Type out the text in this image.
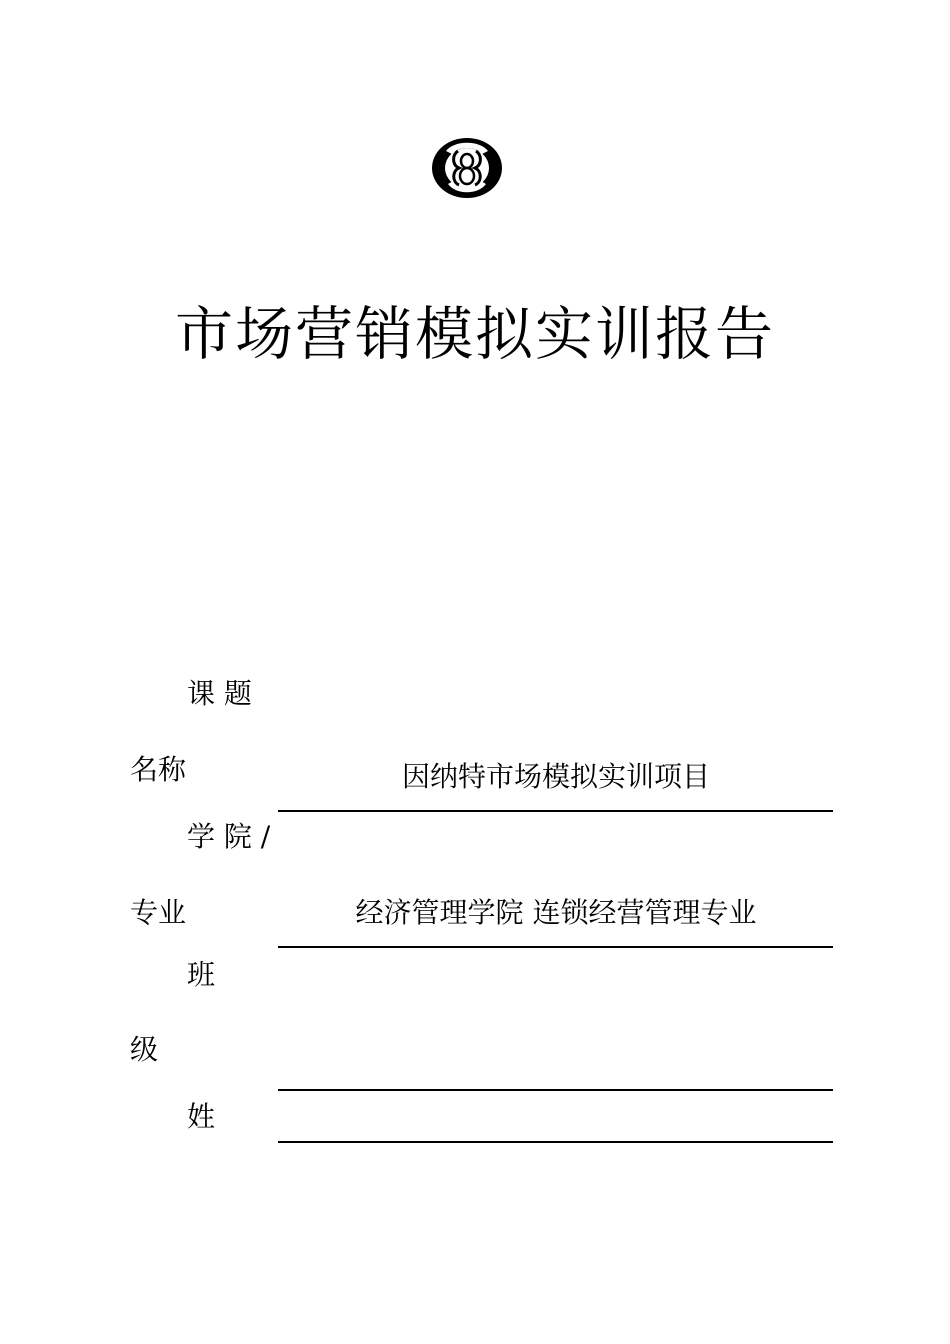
市场营销模拟实训报告
课 题
名称	因纳特市场模拟实训项目
学 院 /
专业	经济管理学院 连锁经营管理专业
班
级
姓
